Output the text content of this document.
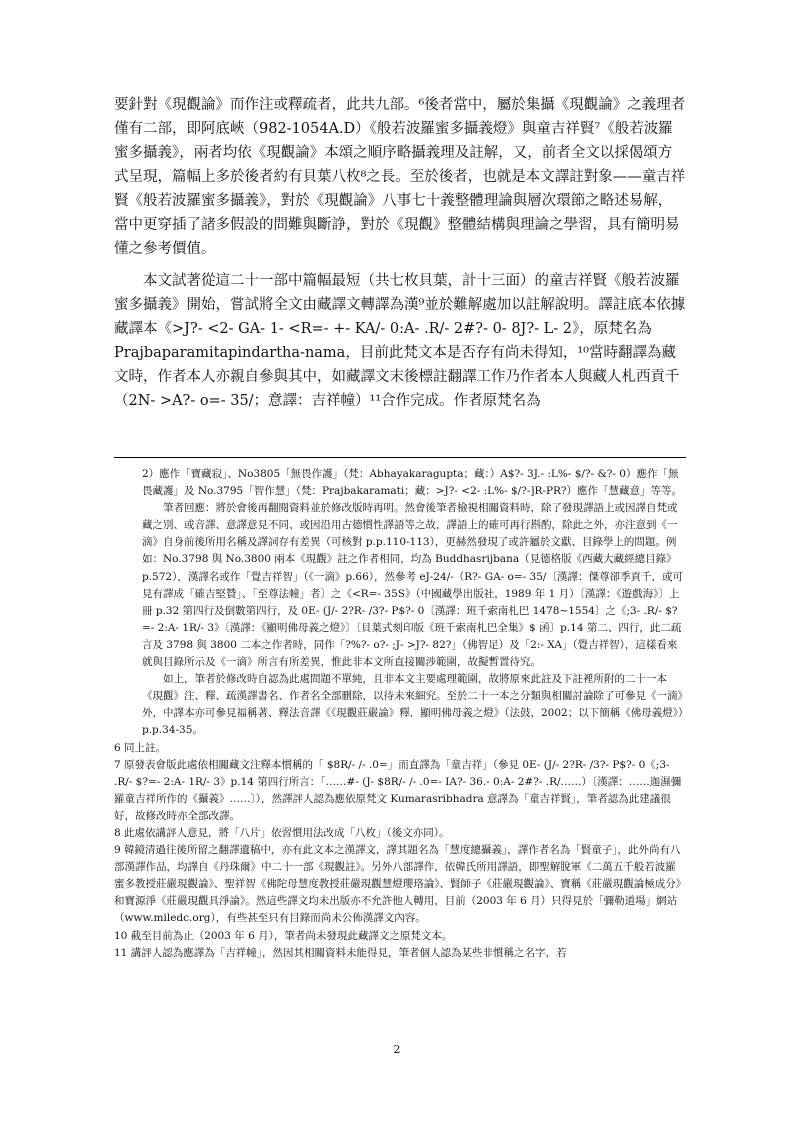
要針對《現觀論》而作注或釋疏者，此共九部。⁶後者當中，屬於集攝《現觀論》之義理者僅有二部，即阿底峽（982-1054A.D）《般若波羅蜜多攝義燈》與童吉祥賢⁷《般若波羅蜜多攝義》，兩者均依《現觀論》本頌之順序略攝義理及註解，又，前者全文以採偈頌方式呈現，篇幅上多於後者約有貝葉八枚⁸之長。至於後者，也就是本文譯註對象——童吉祥賢《般若波羅蜜多攝義》，對於《現觀論》八事七十義整體理論與層次環節之略述易解，當中更穿插了諸多假設的問難與斷諍，對於《現觀》整體結構與理論之學習，具有簡明易懂之參考價值。

本文試著從這二十一部中篇幅最短（共七枚貝葉，計十三面）的童吉祥賢《般若波羅蜜多攝義》開始，嘗試將全文由藏譯文轉譯為漢⁹並於難解處加以註解說明。譯註底本依據藏譯本《>J?- <2- GA- 1- <R=- +- KA/- 0:A- .R/- 2#?- 0- 8J?- L- 2》，原梵名為 Prajbaparamitapindartha-nama，目前此梵文本是否存有尚未得知，¹⁰當時翻譯為藏文時，作者本人亦親自參與其中，如藏譯文末後標註翻譯工作乃作者本人與藏人札西貢千（2N- >A?- o=- 35/；意譯：吉祥幢）¹¹合作完成。作者原梵名為

2）應作「寶藏寂」、No3805「無畏作護」（梵：Abhayakaragupta；藏：）A$?- 3J.- :L%- $/?- &?- 0）應作「無畏藏護」及 No.3795「智作慧」（梵：Prajbakaramati；藏：>J?- <2- :L%- $/?-]R-PR?）應作「慧藏意」等等。
筆者回應：將於會後再翻閱資料並於修改版時再明。然會後筆者檢視相關資料時，除了發現譯語上或因譯自梵或藏之別、或音譯、意譯意見不同、或因沿用古德慣性譯語等之故，譯語上的確可再行斟酌，除此之外，亦注意到《一滴》自身前後所用名稱及譯詞存有差異（可核對 p.p.110-113），更赫然發現了或許屬於文獻、目錄學上的問題。例如：No.3798 與 No.3800 兩本《現觀》註之作者相同，均為 Buddhasrijbana（見德格版《西藏大藏經總目錄》 p.572），漢譯名或作「覺吉祥智」（《一滴》p.66），然參考 eJ-24/-（R?- GA- o=- 35/〔漢譯：傑尊卻季貢千，或可見有譯成「確吉堅贊」、「至尊法幢」者〕之《<R=- 35S》（中國藏學出版社，1989 年 1 月）〔漢譯：《遊戲海》〕上冊 p.32 第四行及倒數第四行，及 0E- (J/- 2?R- /3?- P$?- 0〔漢譯：班千索南札巴 1478~1554〕之《;3- .R/- $?=- 2:A- 1R/- 3》〔漢譯：《顯明佛母義之燈》〕〔貝葉式刻印版《班千索南札巴全集》$ 函〕p.14 第二、四行，此二疏言及 3798 與 3800 二本之作者時，同作「?%?- o?- ;J- >J?- 82?」（佛智足）及「2:- XA」（覺吉祥智），這樣看來就與目錄所示及《一滴》所言有所差異，惟此非本文所直接關涉範圍，故擬暫置待究。
如上，筆者於修改時自認為此處問題不單純，且非本文主要處理範圍，故將原來此註及下註裡所附的二十一本《現觀》注、釋、疏漢譯書名、作者名全部刪除，以待未來細究。至於二十一本之分類與相關討論除了可參見《一滴》外，中譯本亦可參見福稱著、釋法音譯《《現觀莊嚴論》釋．顯明佛母義之燈》（法鼓，2002；以下簡稱《佛母義燈》）p.p.34-35。
6 同上註。
7 原發表會版此處依相關藏文注釋本慣稱的「 $8R/- /- .0=」而直譯為「童吉祥」（參見 0E- (J/- 2?R- /3?- P$?- 0《;3- .R/- $?=- 2:A- 1R/- 3》p.14 第四行所言：「……#- (J- $8R/- /- .0=- IA?- 36.- 0:A- 2#?- .R/……）〔漢譯：……迦濕彌羅童吉祥所作的《攝義》……〕），然譯評人認為應依原梵文 Kumarasribhadra 意譯為「童吉祥賢」，筆者認為此建議很好，故修改時亦全部改譯。
8 此處依講評人意見，將「八片」依習慣用法改成「八枚」（後文亦同）。
9 韓鏡清過往後所留之翻譯遺稿中，亦有此文本之漢譯文，譯其題名為「慧度總攝義」，譯作者名為「賢童子」，此外尚有八部漢譯作品，均譯自《丹珠爾》中二十一部《現觀註》。另外八部譯作，依韓氏所用譯語，即聖解脫軍《二萬五千般若波羅蜜多教授莊嚴現觀論》、聖祥智《佛陀母慧度教授莊嚴現觀慧燈瓔珞論》、賢師子《莊嚴現觀論》、寶稱《莊嚴現觀論極成分》和寶源淨《莊嚴現觀具淨論》。然這些譯文均未出版亦不允許他人轉用，目前（2003 年 6 月）只得見於「彌勒道場」網站（www.miledc.org），有些甚至只有目錄而尚未公佈漢譯文內容。
10 截至目前為止（2003 年 6 月），筆者尚未發現此藏譯文之原梵文本。
11 講評人認為應譯為「吉祥幢」，然因其相關資料未能得見，筆者個人認為某些非慣稱之名字，若
2
